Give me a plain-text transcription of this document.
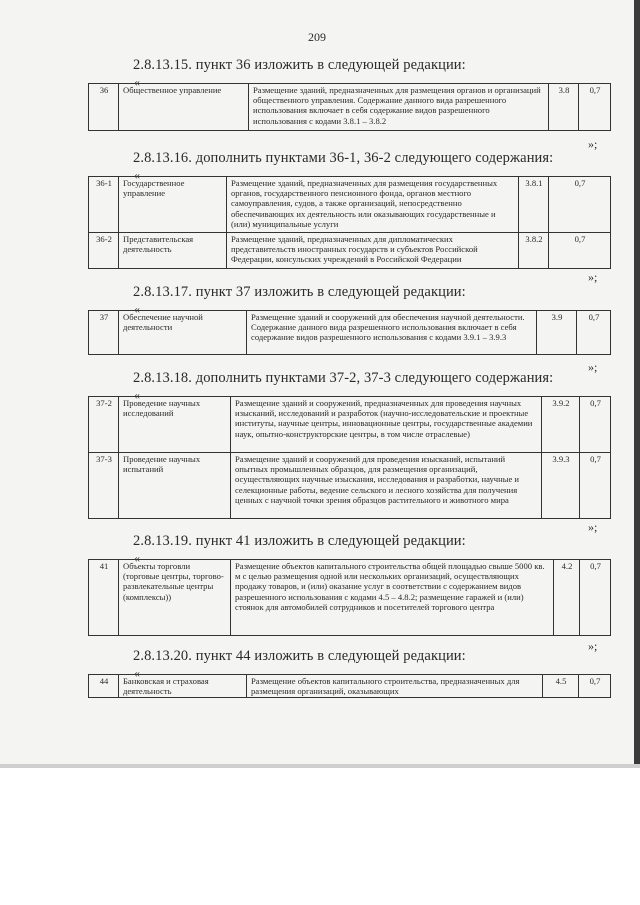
209
2.8.13.15. пункт 36 изложить в следующей редакции:
«
36	Общественное управление	Размещение зданий, предназначенных для размещения органов и организаций общественного управления. Содержание данного вида разрешенного использования включает в себя содержание видов разрешенного использования с кодами 3.8.1 – 3.8.2	3.8	0,7
»;
2.8.13.16. дополнить пунктами 36-1, 36-2 следующего содержания:
«
36-1	Государственное управление	Размещение зданий, предназначенных для размещения государственных органов, государственного пенсионного фонда, органов местного самоуправления, судов, а также организаций, непосредственно обеспечивающих их деятельность или оказывающих государственные и (или) муниципальные услуги	3.8.1	0,7
36-2	Представительская деятельность	Размещение зданий, предназначенных для дипломатических представительств иностранных государств и субъектов Российской Федерации, консульских учреждений в Российской Федерации	3.8.2	0,7
»;
2.8.13.17. пункт 37 изложить в следующей редакции:
«
37	Обеспечение научной деятельности	Размещение зданий и сооружений для обеспечения научной деятельности. Содержание данного вида разрешенного использования включает в себя содержание видов разрешенного использования с кодами 3.9.1 – 3.9.3	3.9	0,7
»;
2.8.13.18. дополнить пунктами 37-2, 37-3 следующего содержания:
«
37-2	Проведение научных исследований	Размещение зданий и сооружений, предназначенных для проведения научных изысканий, исследований и разработок (научно-исследовательские и проектные институты, научные центры, инновационные центры, государственные академии наук, опытно-конструкторские центры, в том числе отраслевые)	3.9.2	0,7
37-3	Проведение научных испытаний	Размещение зданий и сооружений для проведения изысканий, испытаний опытных промышленных образцов, для размещения организаций, осуществляющих научные изыскания, исследования и разработки, научные и селекционные работы, ведение сельского и лесного хозяйства для получения ценных с научной точки зрения образцов растительного и животного мира	3.9.3	0,7
»;
2.8.13.19. пункт 41 изложить в следующей редакции:
«
41	Объекты торговли (торговые центры, торгово-развлекательные центры (комплексы))	Размещение объектов капитального строительства общей площадью свыше 5000 кв. м с целью размещения одной или нескольких организаций, осуществляющих продажу товаров, и (или) оказание услуг в соответствии с содержанием видов разрешенного использования с кодами 4.5 – 4.8.2; размещение гаражей и (или) стоянок для автомобилей сотрудников и посетителей торгового центра	4.2	0,7
»;
2.8.13.20. пункт 44 изложить в следующей редакции:
«
44	Банковская и страховая деятельность	Размещение объектов капитального строительства, предназначенных для размещения организаций, оказывающих	4.5	0,7
